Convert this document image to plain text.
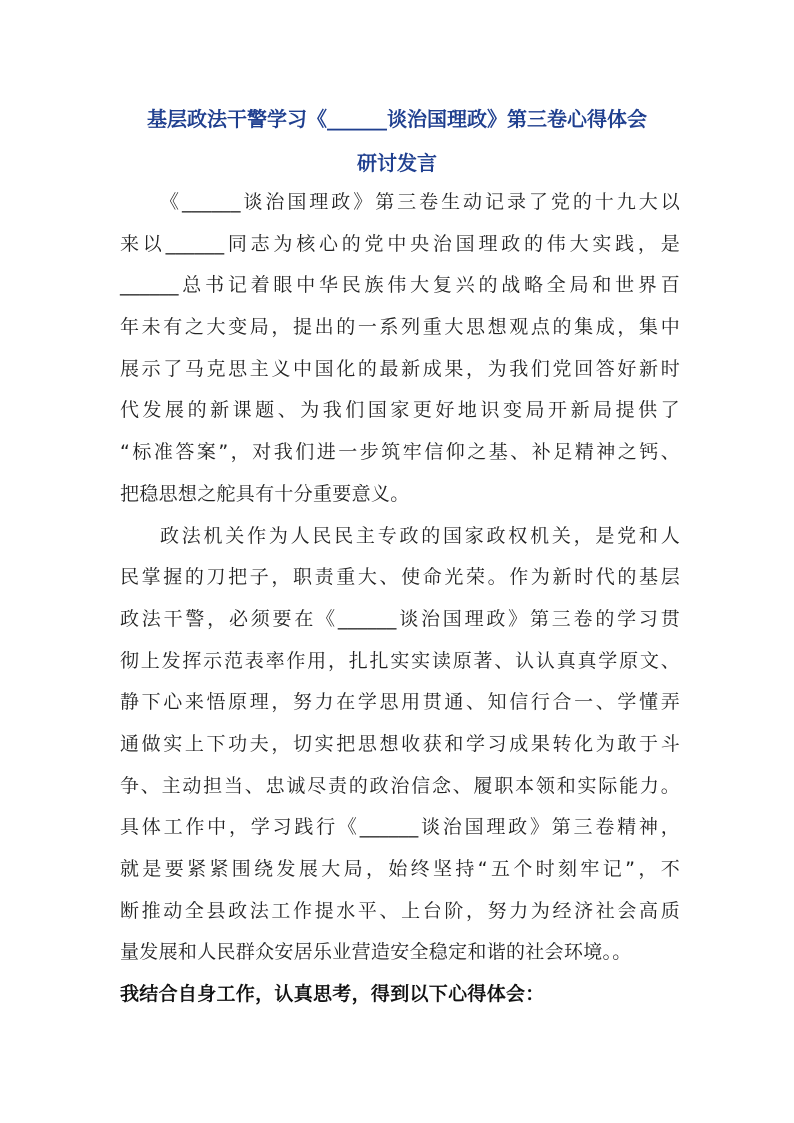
基层政法干警学习《______谈治国理政》第三卷心得体会
研讨发言
《______谈治国理政》第三卷生动记录了党的十九大以
来以______同志为核心的党中央治国理政的伟大实践，是
______总书记着眼中华民族伟大复兴的战略全局和世界百
年未有之大变局，提出的一系列重大思想观点的集成，集中
展示了马克思主义中国化的最新成果，为我们党回答好新时
代发展的新课题、为我们国家更好地识变局开新局提供了
“标准答案”，对我们进一步筑牢信仰之基、补足精神之钙、
把稳思想之舵具有十分重要意义。
政法机关作为人民民主专政的国家政权机关，是党和人
民掌握的刀把子，职责重大、使命光荣。作为新时代的基层
政法干警，必须要在《______谈治国理政》第三卷的学习贯
彻上发挥示范表率作用，扎扎实实读原著、认认真真学原文、
静下心来悟原理，努力在学思用贯通、知信行合一、学懂弄
通做实上下功夫，切实把思想收获和学习成果转化为敢于斗
争、主动担当、忠诚尽责的政治信念、履职本领和实际能力。
具体工作中，学习践行《______谈治国理政》第三卷精神，
就是要紧紧围绕发展大局，始终坚持“五个时刻牢记”，不
断推动全县政法工作提水平、上台阶，努力为经济社会高质
量发展和人民群众安居乐业营造安全稳定和谐的社会环境。。
我结合自身工作，认真思考，得到以下心得体会：
